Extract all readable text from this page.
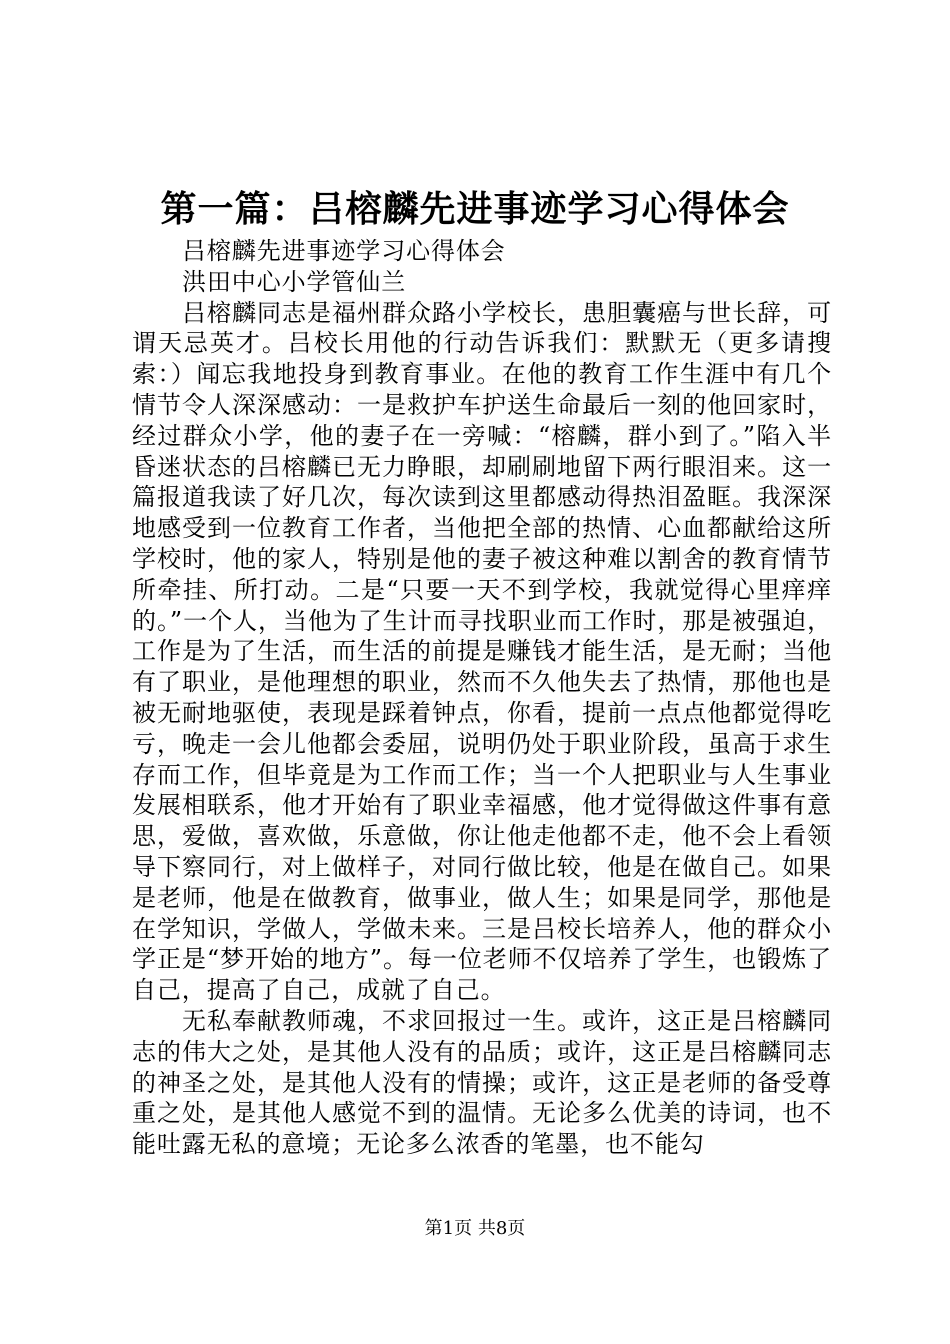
第一篇：吕榕麟先进事迹学习心得体会

吕榕麟先进事迹学习心得体会

洪田中心小学管仙兰

吕榕麟同志是福州群众路小学校长，患胆囊癌与世长辞，可谓天忌英才。吕校长用他的行动告诉我们：默默无（更多请搜索：）闻忘我地投身到教育事业。在他的教育工作生涯中有几个情节令人深深感动：一是救护车护送生命最后一刻的他回家时，经过群众小学，他的妻子在一旁喊：“榕麟，群小到了。”陷入半昏迷状态的吕榕麟已无力睁眼，却刷刷地留下两行眼泪来。这一篇报道我读了好几次，每次读到这里都感动得热泪盈眶。我深深地感受到一位教育工作者，当他把全部的热情、心血都献给这所学校时，他的家人，特别是他的妻子被这种难以割舍的教育情节所牵挂、所打动。二是“只要一天不到学校，我就觉得心里痒痒的。”一个人，当他为了生计而寻找职业而工作时，那是被强迫，工作是为了生活，而生活的前提是赚钱才能生活，是无耐；当他有了职业，是他理想的职业，然而不久他失去了热情，那他也是被无耐地驱使，表现是踩着钟点，你看，提前一点点他都觉得吃亏，晚走一会儿他都会委屈，说明仍处于职业阶段，虽高于求生存而工作，但毕竟是为工作而工作；当一个人把职业与人生事业发展相联系，他才开始有了职业幸福感，他才觉得做这件事有意思，爱做，喜欢做，乐意做，你让他走他都不走，他不会上看领导下察同行，对上做样子，对同行做比较，他是在做自己。如果是老师，他是在做教育，做事业，做人生；如果是同学，那他是在学知识，学做人，学做未来。三是吕校长培养人，他的群众小学正是“梦开始的地方”。每一位老师不仅培养了学生，也锻炼了自己，提高了自己，成就了自己。

无私奉献教师魂，不求回报过一生。或许，这正是吕榕麟同志的伟大之处，是其他人没有的品质；或许，这正是吕榕麟同志的神圣之处，是其他人没有的情操；或许，这正是老师的备受尊重之处，是其他人感觉不到的温情。无论多么优美的诗词，也不能吐露无私的意境；无论多么浓香的笔墨，也不能勾

第1页 共8页
